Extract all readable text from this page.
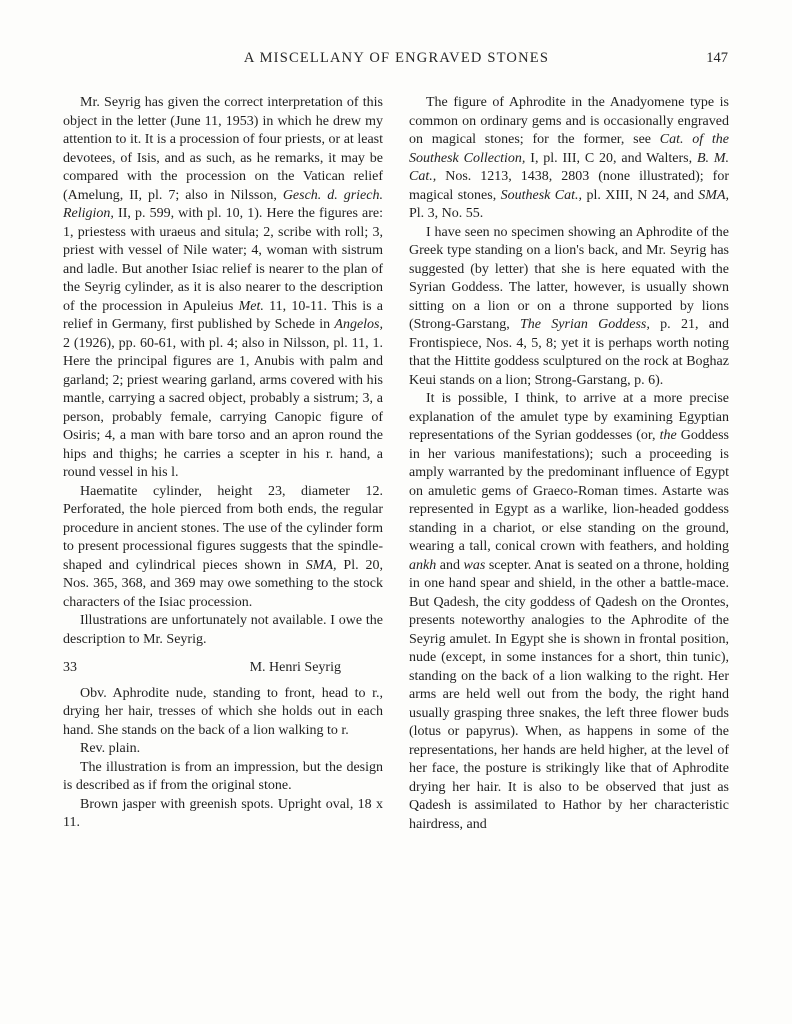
A MISCELLANY OF ENGRAVED STONES	147

Mr. Seyrig has given the correct interpretation of this object in the letter (June 11, 1953) in which he drew my attention to it. It is a procession of four priests, or at least devotees, of Isis, and as such, as he remarks, it may be compared with the procession on the Vatican relief (Amelung, II, pl. 7; also in Nilsson, Gesch. d. griech. Religion, II, p. 599, with pl. 10, 1). Here the figures are: 1, priestess with uraeus and situla; 2, scribe with roll; 3, priest with vessel of Nile water; 4, woman with sistrum and ladle. But another Isiac relief is nearer to the plan of the Seyrig cylinder, as it is also nearer to the description of the procession in Apuleius Met. 11, 10-11. This is a relief in Germany, first published by Schede in Angelos, 2 (1926), pp. 60-61, with pl. 4; also in Nilsson, pl. 11, 1. Here the principal figures are 1, Anubis with palm and garland; 2; priest wearing garland, arms covered with his mantle, carrying a sacred object, probably a sistrum; 3, a person, probably female, carrying Canopic figure of Osiris; 4, a man with bare torso and an apron round the hips and thighs; he carries a scepter in his r. hand, a round vessel in his l.

Haematite cylinder, height 23, diameter 12. Perforated, the hole pierced from both ends, the regular procedure in ancient stones. The use of the cylinder form to present processional figures suggests that the spindle-shaped and cylindrical pieces shown in SMA, Pl. 20, Nos. 365, 368, and 369 may owe something to the stock characters of the Isiac procession.

Illustrations are unfortunately not available. I owe the description to Mr. Seyrig.

33	M. Henri Seyrig

Obv. Aphrodite nude, standing to front, head to r., drying her hair, tresses of which she holds out in each hand. She stands on the back of a lion walking to r.

Rev. plain.

The illustration is from an impression, but the design is described as if from the original stone.

Brown jasper with greenish spots. Upright oval, 18 x 11.

The figure of Aphrodite in the Anadyomene type is common on ordinary gems and is occasionally engraved on magical stones; for the former, see Cat. of the Southesk Collection, I, pl. III, C 20, and Walters, B. M. Cat., Nos. 1213, 1438, 2803 (none illustrated); for magical stones, Southesk Cat., pl. XIII, N 24, and SMA, Pl. 3, No. 55.

I have seen no specimen showing an Aphrodite of the Greek type standing on a lion's back, and Mr. Seyrig has suggested (by letter) that she is here equated with the Syrian Goddess. The latter, however, is usually shown sitting on a lion or on a throne supported by lions (Strong-Garstang, The Syrian Goddess, p. 21, and Frontispiece, Nos. 4, 5, 8; yet it is perhaps worth noting that the Hittite goddess sculptured on the rock at Boghaz Keui stands on a lion; Strong-Garstang, p. 6).

It is possible, I think, to arrive at a more precise explanation of the amulet type by examining Egyptian representations of the Syrian goddesses (or, the Goddess in her various manifestations); such a proceeding is amply warranted by the predominant influence of Egypt on amuletic gems of Graeco-Roman times. Astarte was represented in Egypt as a warlike, lion-headed goddess standing in a chariot, or else standing on the ground, wearing a tall, conical crown with feathers, and holding ankh and was scepter. Anat is seated on a throne, holding in one hand spear and shield, in the other a battle-mace. But Qadesh, the city goddess of Qadesh on the Orontes, presents noteworthy analogies to the Aphrodite of the Seyrig amulet. In Egypt she is shown in frontal position, nude (except, in some instances for a short, thin tunic), standing on the back of a lion walking to the right. Her arms are held well out from the body, the right hand usually grasping three snakes, the left three flower buds (lotus or papyrus). When, as happens in some of the representations, her hands are held higher, at the level of her face, the posture is strikingly like that of Aphrodite drying her hair. It is also to be observed that just as Qadesh is assimilated to Hathor by her characteristic hairdress, and
